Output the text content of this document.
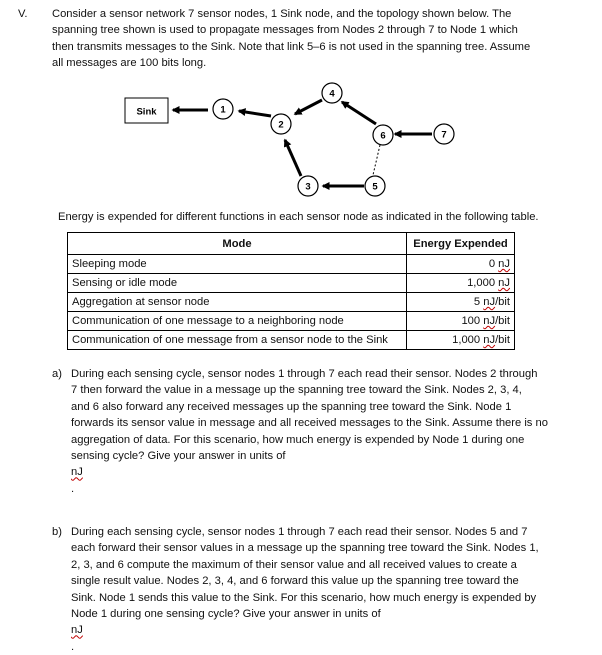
V. Consider a sensor network 7 sensor nodes, 1 Sink node, and the topology shown below. The
spanning tree shown is used to propagate messages from Nodes 2 through 7 to Node 1 which
then transmits messages to the Sink. Note that link 5–6 is not used in the spanning tree. Assume
all messages are 100 bits long.
Sink	1
2
3
4
5
6	7
Energy is expended for different functions in each sensor node as indicated in the following table.
Mode	Energy Expended
Sleeping mode	0 nJ
Sensing or idle mode	1,000 nJ
Aggregation at sensor node	5 nJ/bit
Communication of one message to a neighboring node	100 nJ/bit
Communication of one message from a sensor node to the Sink	1,000 nJ/bit
a) During each sensing cycle, sensor nodes 1 through 7 each read their sensor. Nodes 2 through
7 then forward the value in a message up the spanning tree toward the Sink. Nodes 2, 3, 4,
and 6 also forward any received messages up the spanning tree toward the Sink. Node 1
forwards its sensor value in message and all received messages to the Sink. Assume there is no
aggregation of data. For this scenario, how much energy is expended by Node 1 during one
sensing cycle? Give your answer in units of
nJ
.
b) During each sensing cycle, sensor nodes 1 through 7 each read their sensor. Nodes 5 and 7
each forward their sensor values in a message up the spanning tree toward the Sink. Nodes 1,
2, 3, and 6 compute the maximum of their sensor value and all received values to create a
single result value. Nodes 2, 3, 4, and 6 forward this value up the spanning tree toward the
Sink. Node 1 sends this value to the Sink. For this scenario, how much energy is expended by
Node 1 during one sensing cycle? Give your answer in units of
nJ
.
